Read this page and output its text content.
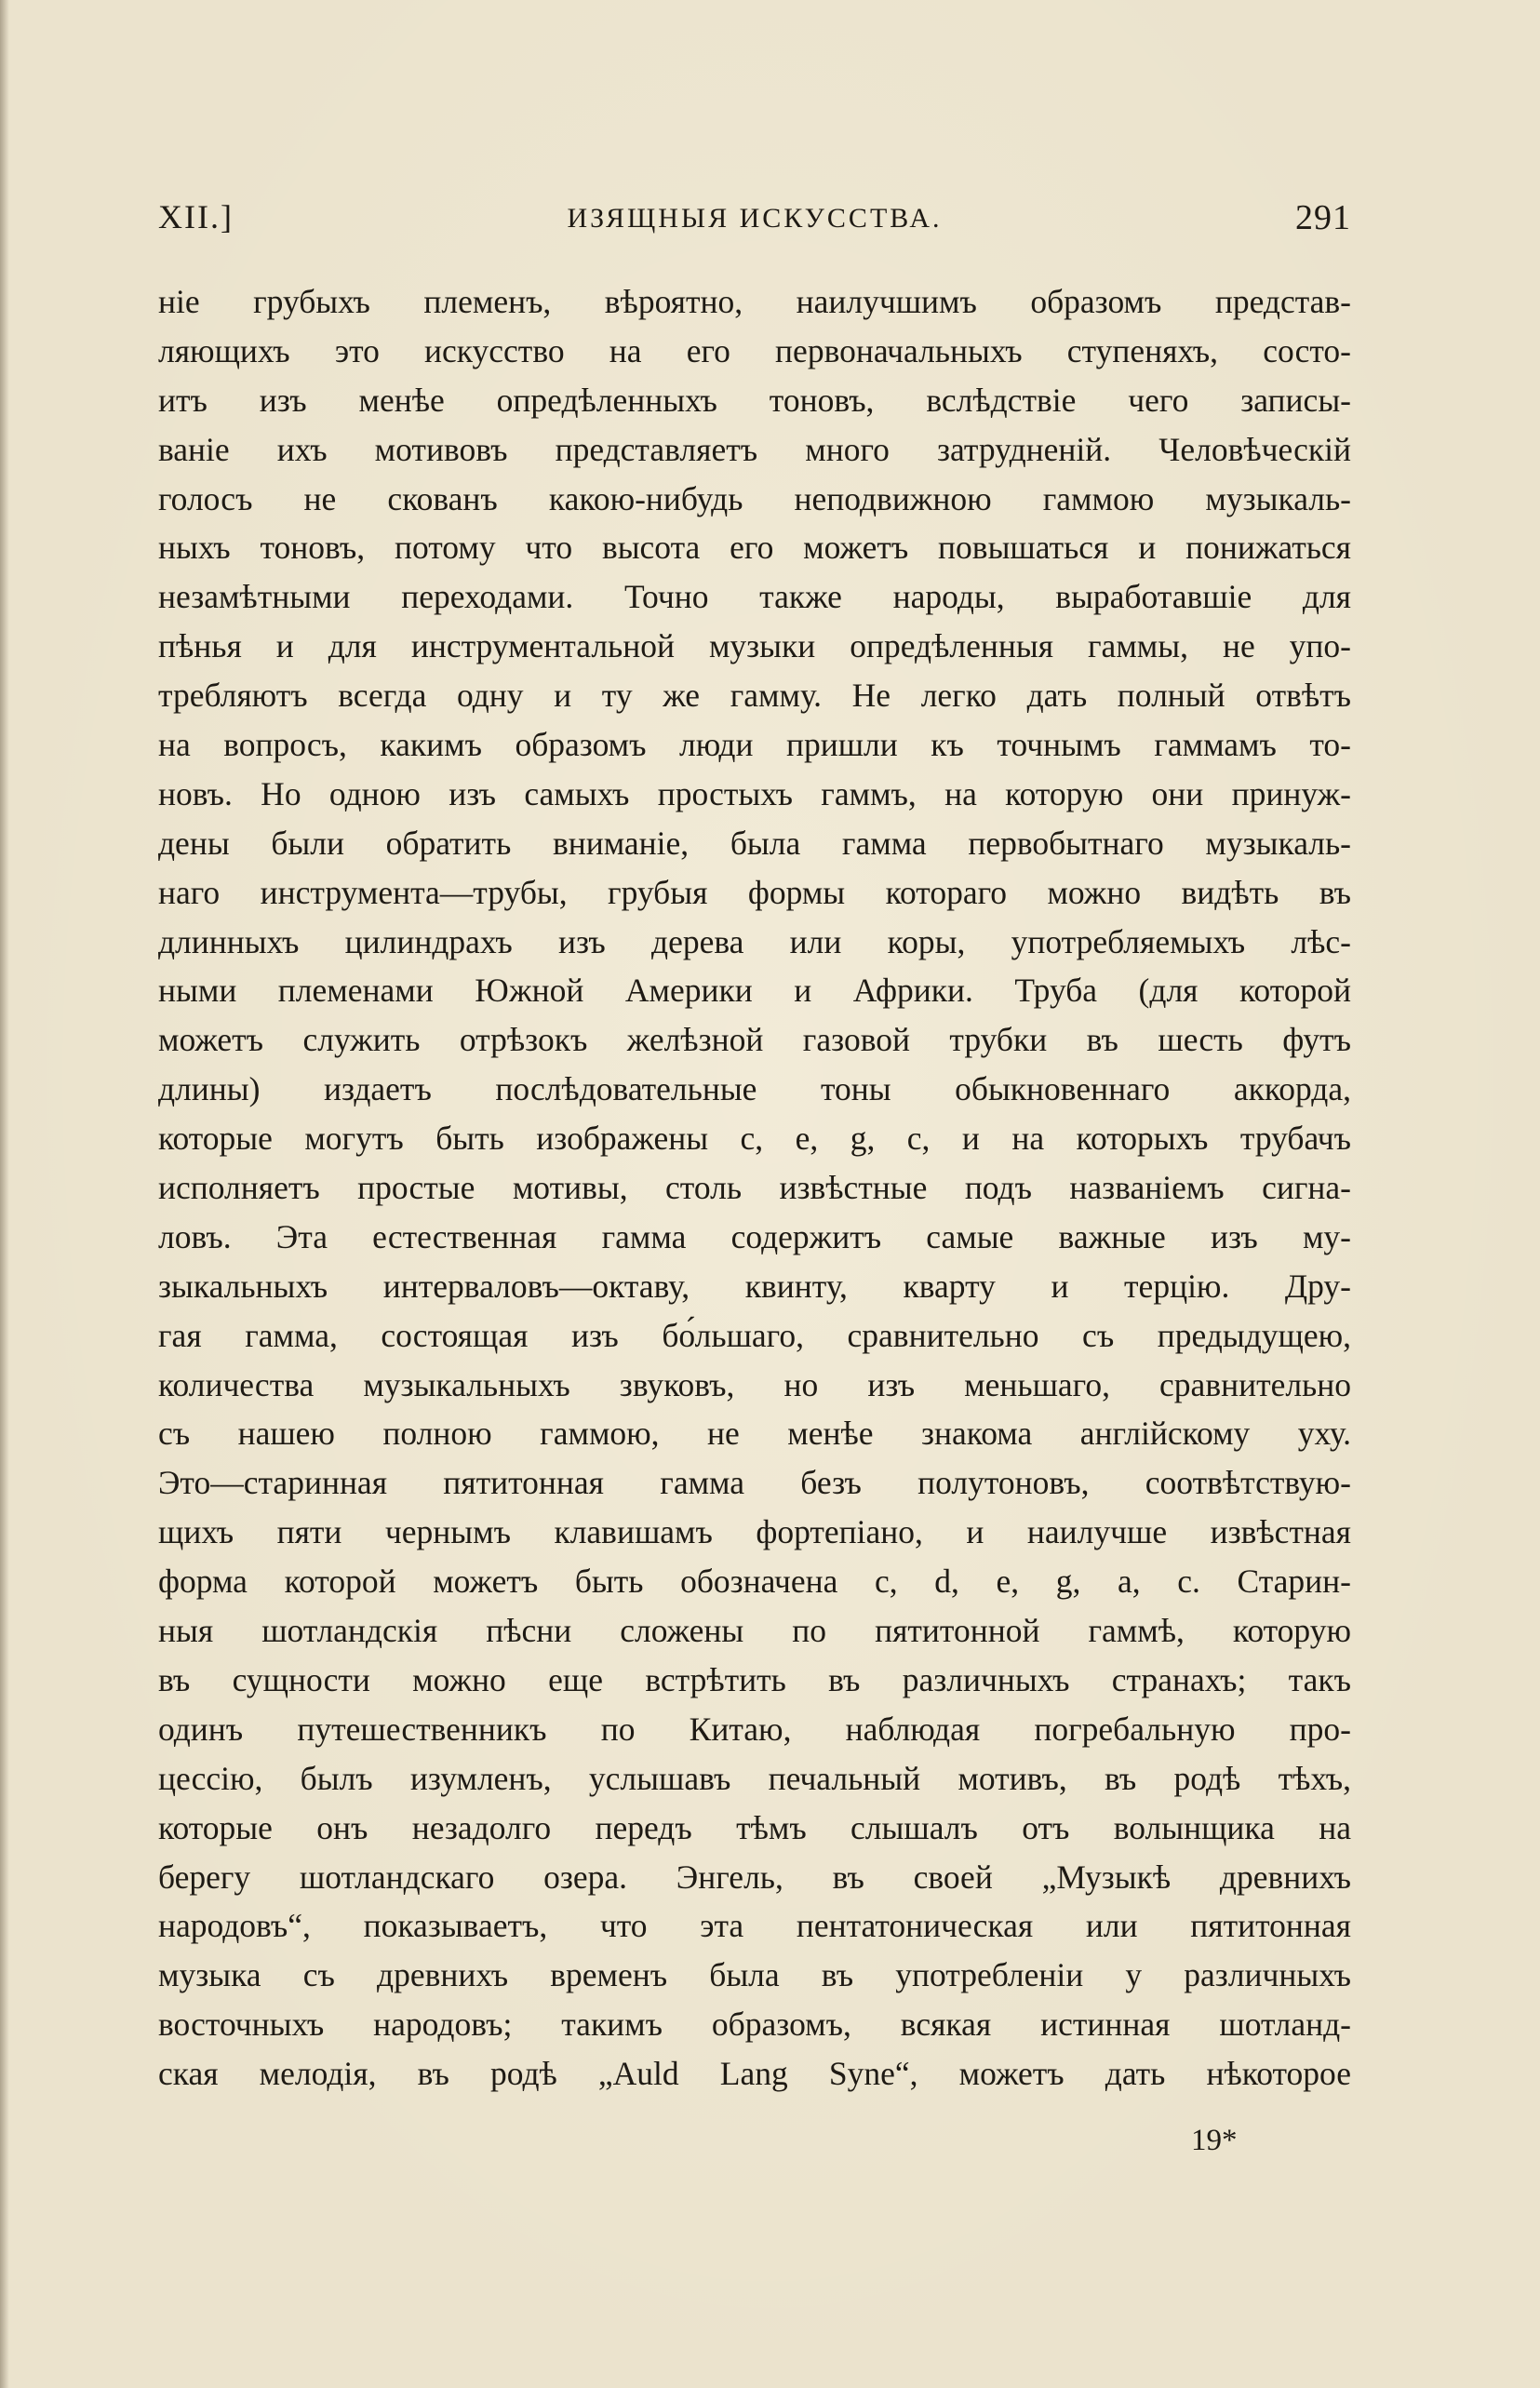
XII.]	ИЗЯЩНЫЯ ИСКУССТВА.	291
ніе грубыхъ племенъ, вѣроятно, наилучшимъ образомъ представ-
ляющихъ это искусство на его первоначальныхъ ступеняхъ, состо-
итъ изъ менѣе опредѣленныхъ тоновъ, вслѣдствіе чего записы-
ваніе ихъ мотивовъ представляетъ много затрудненій. Человѣческій
голосъ не скованъ какою-нибудь неподвижною гаммою музыкаль-
ныхъ тоновъ, потому что высота его можетъ повышаться и понижаться
незамѣтными переходами. Точно также народы, выработавшіе для
пѣнья и для инструментальной музыки опредѣленныя гаммы, не упо-
требляютъ всегда одну и ту же гамму. Не легко дать полный отвѣтъ
на вопросъ, какимъ образомъ люди пришли къ точнымъ гаммамъ то-
новъ. Но одною изъ самыхъ простыхъ гаммъ, на которую они принуж-
дены были обратить вниманіе, была гамма первобытнаго музыкаль-
наго инструмента—трубы, грубыя формы котораго можно видѣть въ
длинныхъ цилиндрахъ изъ дерева или коры, употребляемыхъ лѣс-
ными племенами Южной Америки и Африки. Труба (для которой
можетъ служить отрѣзокъ желѣзной газовой трубки въ шесть футъ
длины) издаетъ послѣдовательные тоны обыкновеннаго аккорда,
которые могутъ быть изображены c, e, g, c, и на которыхъ трубачъ
исполняетъ простые мотивы, столь извѣстные подъ названіемъ сигна-
ловъ. Эта естественная гамма содержитъ самые важные изъ му-
зыкальныхъ интерваловъ—октаву, квинту, кварту и терцію. Дру-
гая гамма, состоящая изъ бо́льшаго, сравнительно съ предыдущею,
количества музыкальныхъ звуковъ, но изъ меньшаго, сравнительно
съ нашею полною гаммою, не менѣе знакома англійскому уху.
Это—старинная пятитонная гамма безъ полутоновъ, соотвѣтствую-
щихъ пяти чернымъ клавишамъ фортепіано, и наилучше извѣстная
форма которой можетъ быть обозначена c, d, e, g, a, c. Старин-
ныя шотландскія пѣсни сложены по пятитонной гаммѣ, которую
въ сущности можно еще встрѣтить въ различныхъ странахъ; такъ
одинъ путешественникъ по Китаю, наблюдая погребальную про-
цессію, былъ изумленъ, услышавъ печальный мотивъ, въ родѣ тѣхъ,
которые онъ незадолго передъ тѣмъ слышалъ отъ волынщика на
берегу шотландскаго озера. Энгель, въ своей „Музыкѣ древнихъ
народовъ“, показываетъ, что эта пентатоническая или пятитонная
музыка съ древнихъ временъ была въ употребленіи у различныхъ
восточныхъ народовъ; такимъ образомъ, всякая истинная шотланд-
ская мелодія, въ родѣ „Auld Lang Syne“, можетъ дать нѣкоторое
19*
